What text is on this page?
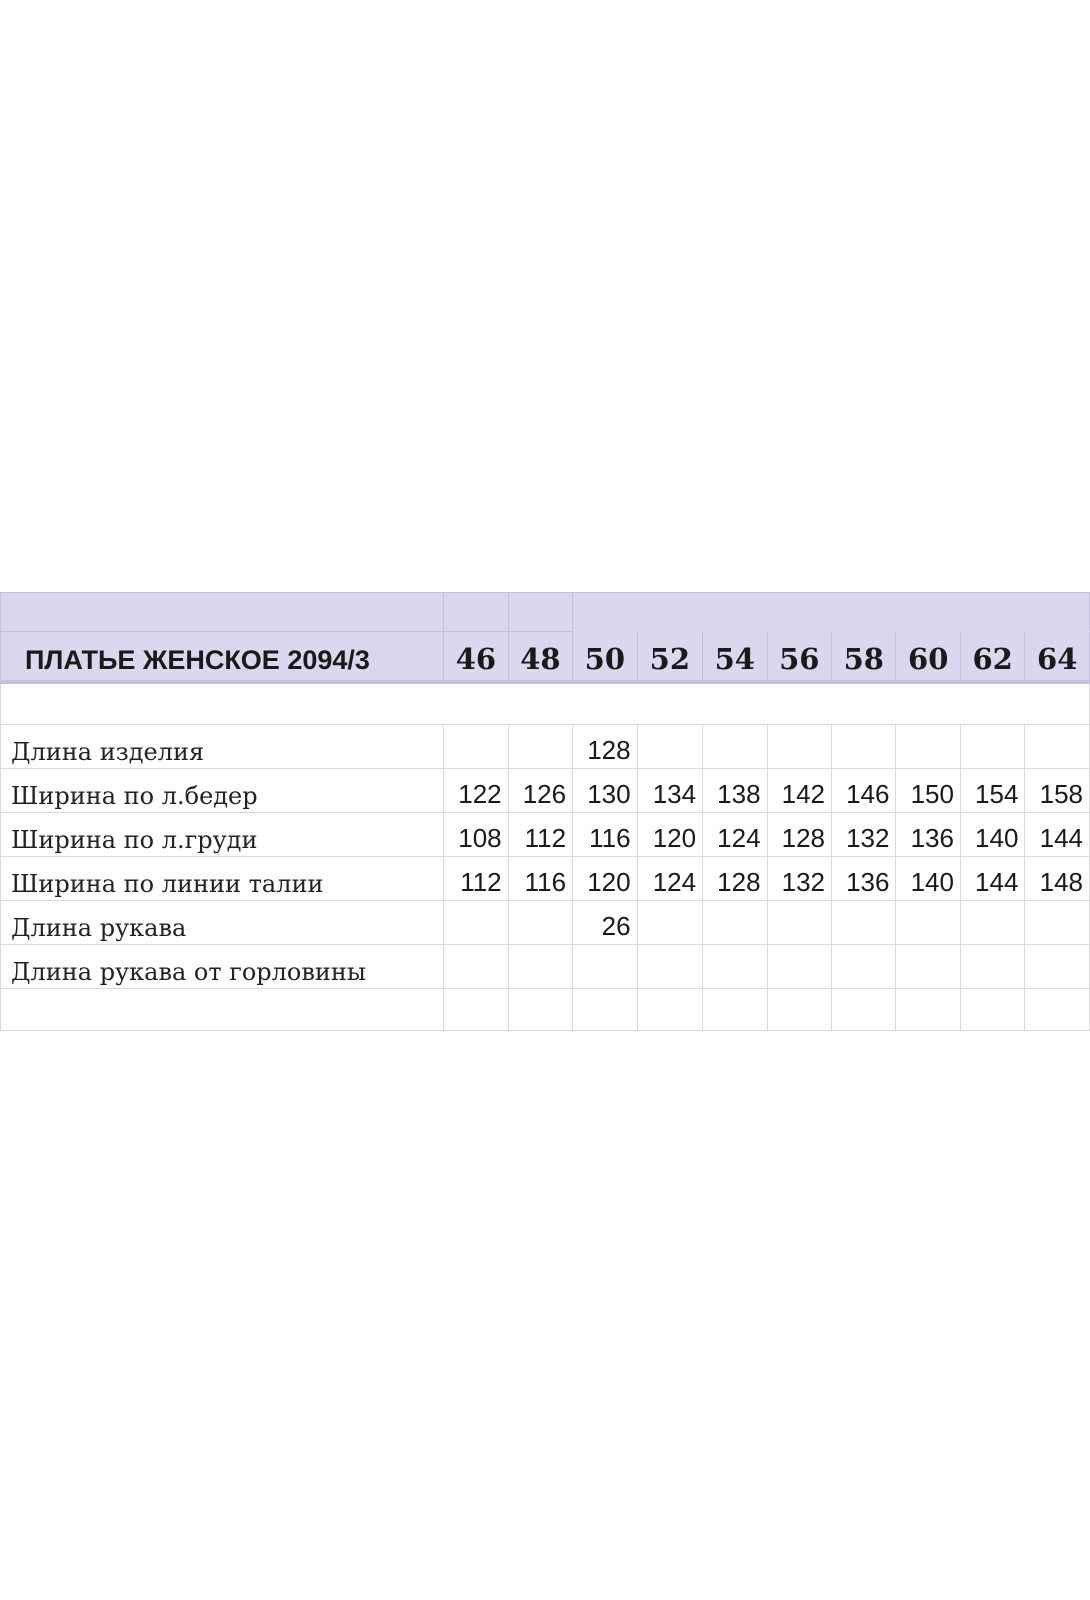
ПЛАТЬЕ ЖЕНСКОЕ 2094/3	46	48	50	52	54	56	58	60	62	64

Длина изделия			128							
Ширина по л.бедер	122	126	130	134	138	142	146	150	154	158
Ширина по л.груди	108	112	116	120	124	128	132	136	140	144
Ширина по линии талии	112	116	120	124	128	132	136	140	144	148
Длина рукава			26							
Длина рукава от горловины										
